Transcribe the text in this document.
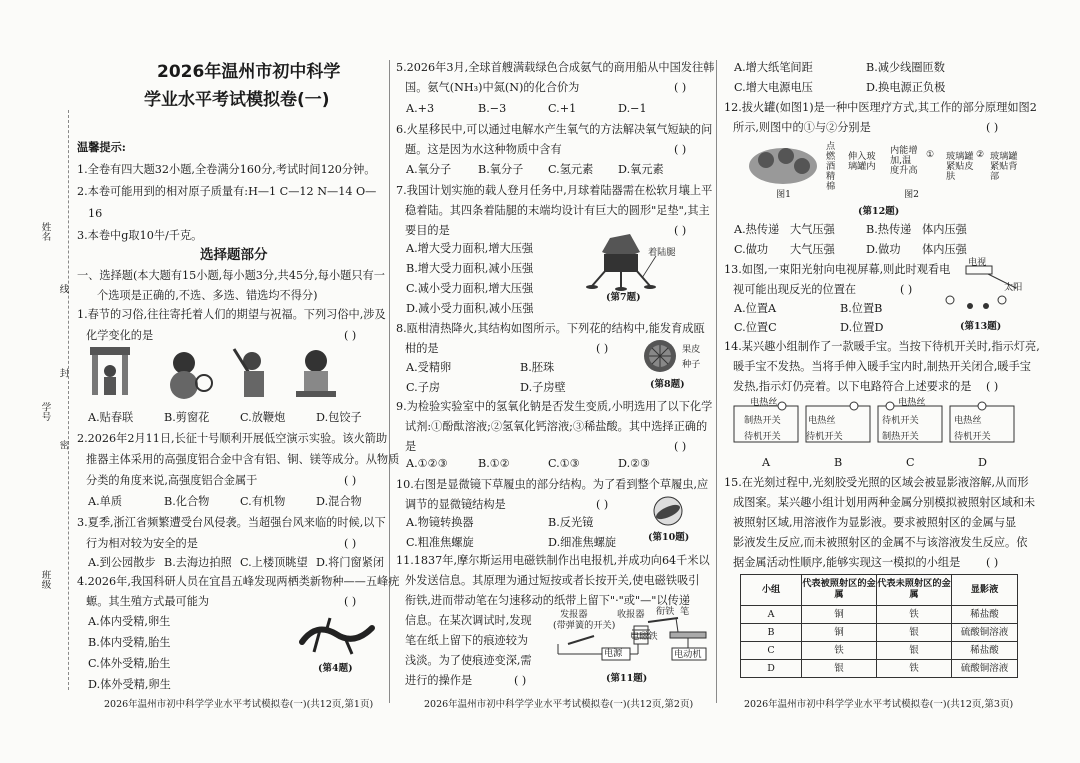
姓名
线
封
学号
密
班级
2026年温州市初中科学
学业水平考试模拟卷(一)
温馨提示:
1.全卷有四大题32小题,全卷满分160分,考试时间120分钟。
2.本卷可能用到的相对原子质量有:H—1 C—12 N—14 O—
16
3.本卷中g取10牛/千克。
选择题部分
一、选择题(本大题有15小题,每小题3分,共45分,每小题只有一
个选项是正确的,不选、多选、错选均不得分)
1.春节的习俗,往往寄托着人们的期望与祝福。下列习俗中,涉及
化学变化的是	( )
A.贴春联	B.剪窗花	C.放鞭炮	D.包饺子
2.2026年2月11日,长征十号顺利开展低空演示实验。该火箭助
推器主体采用的高强度铝合金中含有铝、铜、镁等成分。从物质
分类的角度来说,高强度铝合金属于	( )
A.单质	B.化合物	C.有机物	D.混合物
3.夏季,浙江省频繁遭受台风侵袭。当超强台风来临的时候,以下
行为相对较为安全的是	( )
A.到公园散步 B.去海边拍照 C.上楼顶眺望 D.将门窗紧闭
4.2026年,我国科研人员在宜昌五峰发现两栖类新物种——五峰疣
螈。其生殖方式最可能为	( )
A.体内受精,卵生
B.体内受精,胎生
C.体外受精,胎生
D.体外受精,卵生
(第4题)
2026年温州市初中科学学业水平考试模拟卷(一)(共12页,第1页)
5.2026年3月,全球首艘满载绿色合成氨气的商用船从中国发往韩
国。氨气(NH₃)中氮(N)的化合价为	( )
A.+3	B.−3	C.+1	D.−1
6.火星移民中,可以通过电解水产生氧气的方法解决氧气短缺的问
题。这是因为水这种物质中含有	( )
A.氧分子 B.氧分子 C.氢元素 D.氧元素
7.我国计划实施的载人登月任务中,月球着陆器需在松软月壤上平
稳着陆。其四条着陆腿的末端均设计有巨大的圆形"足垫",其主
要目的是	( )
A.增大受力面积,增大压强
B.增大受力面积,减小压强
C.减小受力面积,增大压强
D.减小受力面积,减小压强
着陆腿
(第7题)
8.瓯柑清热降火,其结构如图所示。下列花的结构中,能发育成瓯
柑的是	( )
A.受精卵	B.胚珠
C.子房	D.子房壁
果皮
种子
(第8题)
9.为检验实验室中的氢氧化钠是否发生变质,小明选用了以下化学
试剂:①酚酞溶液;②氢氧化钙溶液;③稀盐酸。其中选择正确的
是	( )
A.①②③	B.①②	C.①③	D.②③
10.右图是显微镜下草履虫的部分结构。为了看到整个草履虫,应
调节的显微镜结构是	( )
A.物镜转换器	B.反光镜
C.粗准焦螺旋	D.细准焦螺旋	(第10题)
11.1837年,摩尔斯运用电磁铁制作出电报机,并成功向64千米以
外发送信息。其原理为通过短按或者长按开关,使电磁铁吸引
衔铁,进而带动笔在匀速移动的纸带上留下"·"或"—"以传递
信息。在某次调试时,发现
笔在纸上留下的痕迹较为
浅淡。为了使痕迹变深,需
进行的操作是	( )
发报器
(带弹簧的开关)
收报器 衔铁 笔
电源
电磁铁
电动机
(第11题)
2026年温州市初中科学学业水平考试模拟卷(一)(共12页,第2页)
A.增大纸笔间距	B.减少线圈匝数
C.增大电源电压	D.换电源正负极
12.拔火罐(如图1)是一种中医理疗方式,其工作的部分原理如图2
所示,则图中的①与②分别是	( )
图1
点燃酒精棉
伸入玻璃罐内
内能增加,温度升高
① 玻璃罐紧贴皮肤
② 玻璃罐紧贴背部
图2
(第12题)
A.热传递 大气压强	B.热传递 体内压强
C.做功 大气压强	D.做功 体内压强
13.如图,一束阳光射向电视屏幕,则此时观看电
视可能出现反光的位置在	( )
A.位置A	B.位置B
C.位置C	D.位置D
太阳
电视
(第13题)
14.某兴趣小组制作了一款暖手宝。当按下待机开关时,指示灯亮,
暖手宝不发热。当将手伸入暖手宝内时,制热开关闭合,暖手宝
发热,指示灯仍亮着。以下电路符合上述要求的是 ( )
电热丝
制热开关
待机开关
电热丝
待机开关
电热丝
待机开关
制热开关
电热丝
待机开关
A	B	C	D
15.在光刻过程中,光刻胶受光照的区域会被显影液溶解,从而形
成图案。某兴趣小组计划用两种金属分别模拟被照射区域和未
被照射区域,用溶液作为显影液。要求被照射区的金属与显
影液发生反应,而未被照射区的金属不与该溶液发生反应。依
据金属活动性顺序,能够实现这一模拟的小组是 ( )
小组	代表被照射区的金属	代表未照射区的金属	显影液
A	铜	铁	稀盐酸
B	铜	银	硫酸铜溶液
C	铁	银	稀盐酸
D	银	铁	硫酸铜溶液
2026年温州市初中科学学业水平考试模拟卷(一)(共12页,第3页)
